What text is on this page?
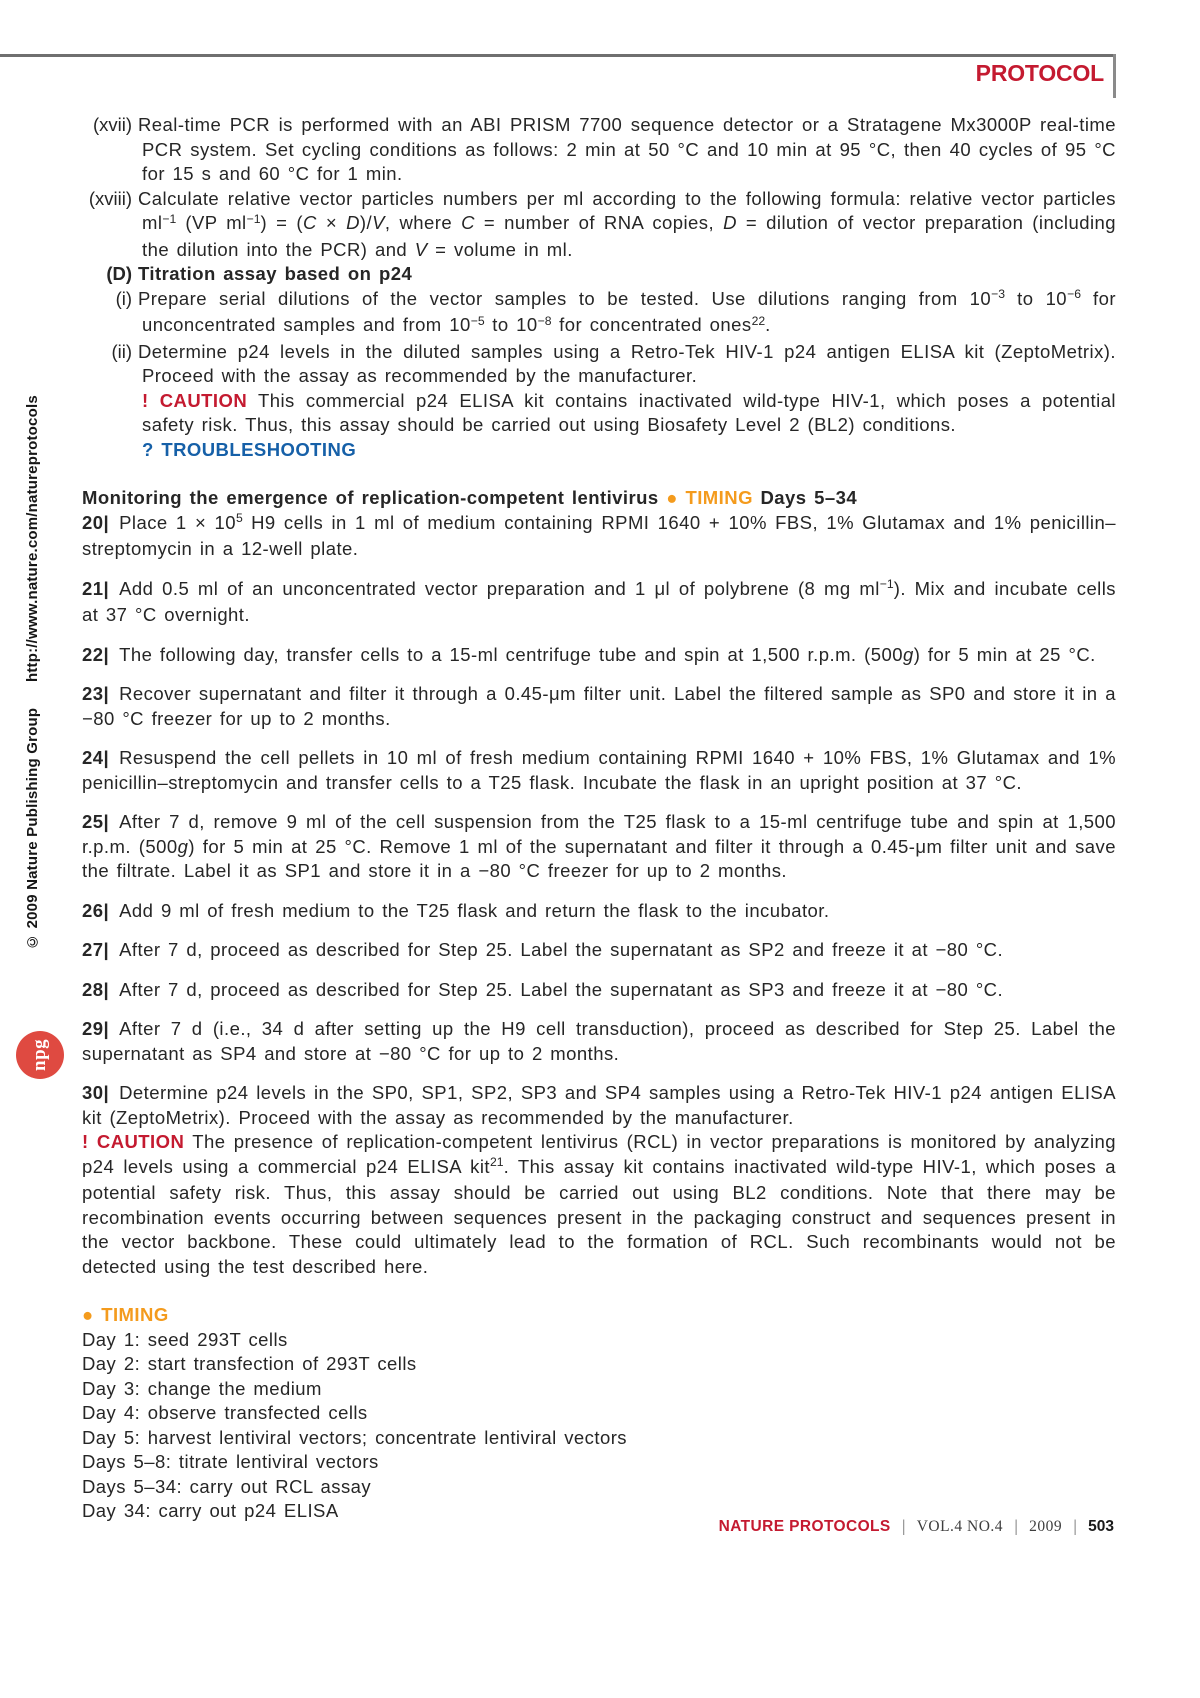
PROTOCOL
© 2009 Nature Publishing Grouphttp://www.nature.com/natureprotocols
npg
(xvii) Real-time PCR is performed with an ABI PRISM 7700 sequence detector or a Stratagene Mx3000P real-time PCR system. Set cycling conditions as follows: 2 min at 50 °C and 10 min at 95 °C, then 40 cycles of 95 °C for 15 s and 60 °C for 1 min.
(xviii) Calculate relative vector particles numbers per ml according to the following formula: relative vector particles $ml^{-1}$ (VP $ml^{-1}) = (C \times D)/V$, where C = number of RNA copies, D = dilution of vector preparation (including the dilution into the PCR) and V = volume in ml.
(D) Titration assay based on p24
(i) Prepare serial dilutions of the vector samples to be tested. Use dilutions ranging from $10^{-3}$ to $10^{-6}$ for unconcentrated samples and from $10^{-5}$ to $10^{-8}$ for concentrated ones$^{22}$.
(ii) Determine p24 levels in the diluted samples using a Retro-Tek HIV-1 p24 antigen ELISA kit (ZeptoMetrix). Proceed with the assay as recommended by the manufacturer.
! CAUTION This commercial p24 ELISA kit contains inactivated wild-type HIV-1, which poses a potential safety risk. Thus, this assay should be carried out using Biosafety Level 2 (BL2) conditions.
? TROUBLESHOOTING
Monitoring the emergence of replication-competent lentivirus ● TIMING Days 5–34
20| Place $1 \times 10^5$ H9 cells in 1 ml of medium containing RPMI 1640 + 10% FBS, 1% Glutamax and 1% penicillin–streptomycin in a 12-well plate.
21| Add 0.5 ml of an unconcentrated vector preparation and 1 μl of polybrene (8 mg $ml^{-1}$). Mix and incubate cells at 37 °C overnight.
22| The following day, transfer cells to a 15-ml centrifuge tube and spin at 1,500 r.p.m. (500g) for 5 min at 25 °C.
23| Recover supernatant and filter it through a 0.45-μm filter unit. Label the filtered sample as SP0 and store it in a −80 °C freezer for up to 2 months.
24| Resuspend the cell pellets in 10 ml of fresh medium containing RPMI 1640 + 10% FBS, 1% Glutamax and 1% penicillin–streptomycin and transfer cells to a T25 flask. Incubate the flask in an upright position at 37 °C.
25| After 7 d, remove 9 ml of the cell suspension from the T25 flask to a 15-ml centrifuge tube and spin at 1,500 r.p.m. (500g) for 5 min at 25 °C. Remove 1 ml of the supernatant and filter it through a 0.45-μm filter unit and save the filtrate. Label it as SP1 and store it in a −80 °C freezer for up to 2 months.
26| Add 9 ml of fresh medium to the T25 flask and return the flask to the incubator.
27| After 7 d, proceed as described for Step 25. Label the supernatant as SP2 and freeze it at −80 °C.
28| After 7 d, proceed as described for Step 25. Label the supernatant as SP3 and freeze it at −80 °C.
29| After 7 d (i.e., 34 d after setting up the H9 cell transduction), proceed as described for Step 25. Label the supernatant as SP4 and store at −80 °C for up to 2 months.
30| Determine p24 levels in the SP0, SP1, SP2, SP3 and SP4 samples using a Retro-Tek HIV-1 p24 antigen ELISA kit (ZeptoMetrix). Proceed with the assay as recommended by the manufacturer.
! CAUTION The presence of replication-competent lentivirus (RCL) in vector preparations is monitored by analyzing p24 levels using a commercial p24 ELISA kit$^{21}$. This assay kit contains inactivated wild-type HIV-1, which poses a potential safety risk. Thus, this assay should be carried out using BL2 conditions. Note that there may be recombination events occurring between sequences present in the packaging construct and sequences present in the vector backbone. These could ultimately lead to the formation of RCL. Such recombinants would not be detected using the test described here.
● TIMING
Day 1: seed 293T cells
Day 2: start transfection of 293T cells
Day 3: change the medium
Day 4: observe transfected cells
Day 5: harvest lentiviral vectors; concentrate lentiviral vectors
Days 5–8: titrate lentiviral vectors
Days 5–34: carry out RCL assay
Day 34: carry out p24 ELISA
NATURE PROTOCOLS | VOL.4 NO.4 | 2009 | 503
